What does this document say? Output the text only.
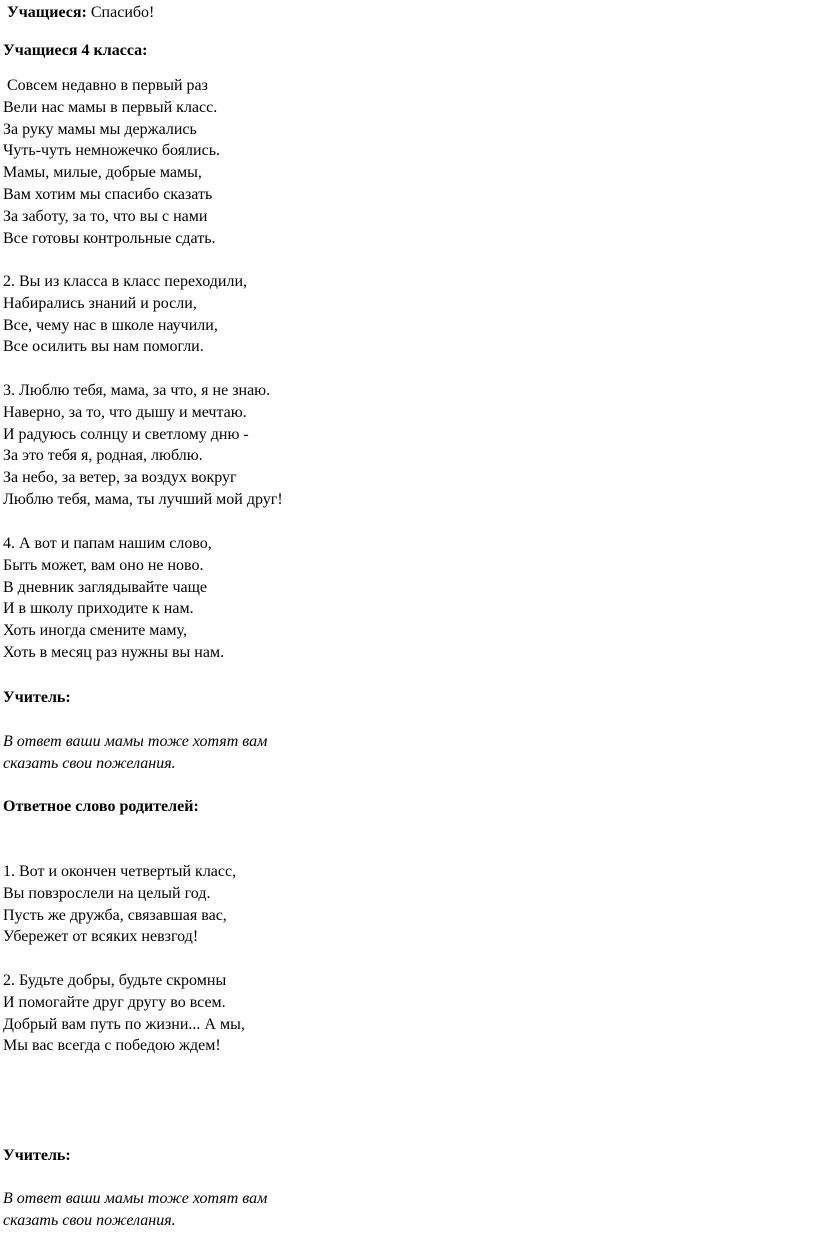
Учащиеся: Спасибо!

Учащиеся 4 класса:

Совсем недавно в первый раз
Вели нас мамы в первый класс.
За руку мамы мы держались
Чуть-чуть немножечко боялись.
Мамы, милые, добрые мамы,
Вам хотим мы спасибо сказать
За заботу, за то, что вы с нами
Все готовы контрольные сдать.
2. Вы из класса в класс переходили,
Набирались знаний и росли,
Все, чему нас в школе научили,
Все осилить вы нам помогли.
3. Люблю тебя, мама, за что, я не знаю.
Наверно, за то, что дышу и мечтаю.
И радуюсь солнцу и светлому дню -
За это тебя я, родная, люблю.
За небо, за ветер, за воздух вокруг
Люблю тебя, мама, ты лучший мой друг!
4. А вот и папам нашим слово,
Быть может, вам оно не ново.
В дневник заглядывайте чаще
И в школу приходите к нам.
Хоть иногда смените маму,
Хоть в месяц раз нужны вы нам.

Учитель:

В ответ ваши мамы тоже хотят вам
сказать свои пожелания.

Ответное слово родителей:

1. Вот и окончен четвертый класс,
Вы повзрослели на целый год.
Пусть же дружба, связавшая вас,
Убережет от всяких невзгод!
2. Будьте добры, будьте скромны
И помогайте друг другу во всем.
Добрый вам путь по жизни... А мы,
Мы вас всегда с победою ждем!

Учитель:

В ответ ваши мамы тоже хотят вам
сказать свои пожелания.
